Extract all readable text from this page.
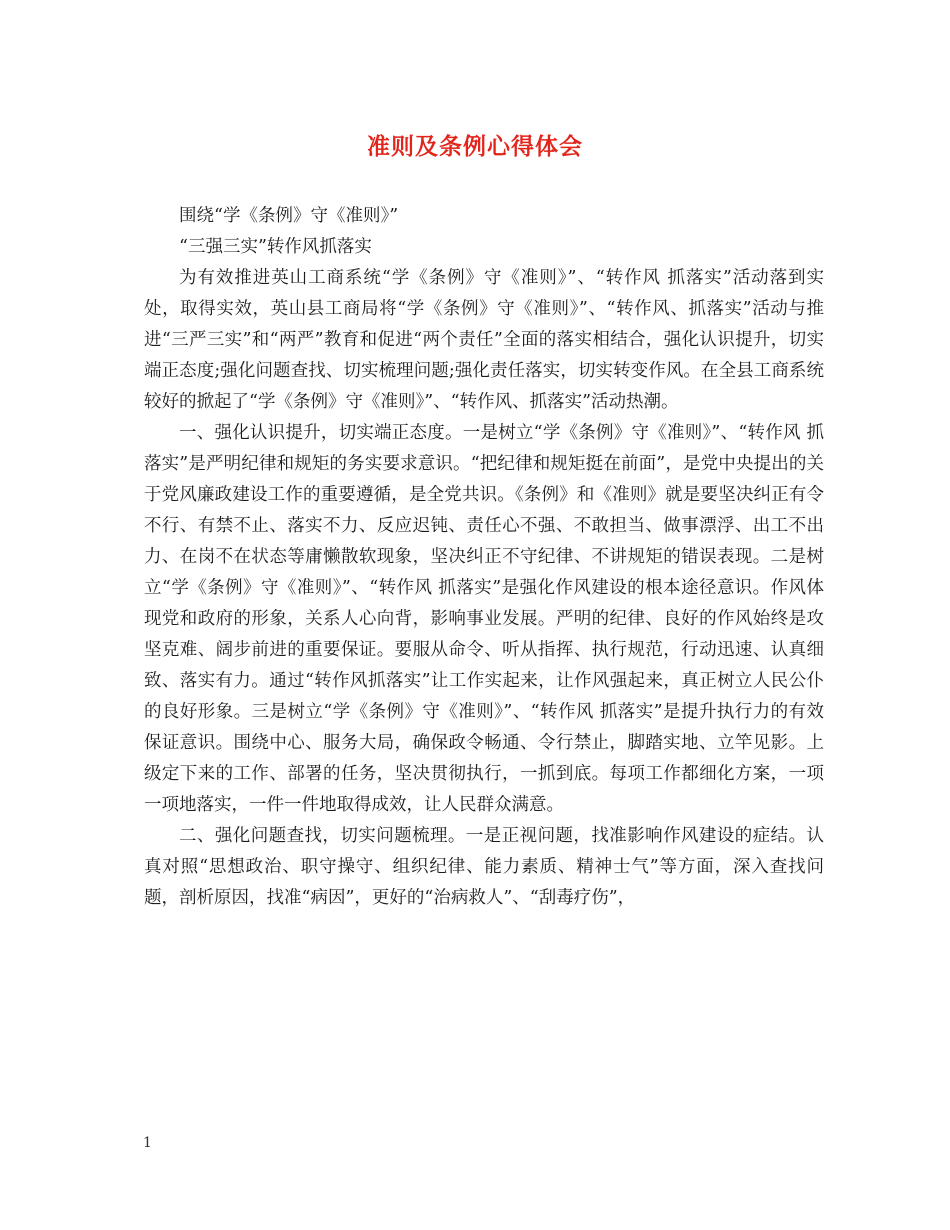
准则及条例心得体会

围绕“学《条例》守《准则》”

“三强三实”转作风抓落实

为有效推进英山工商系统“学《条例》守《准则》”、“转作风 抓落实”活动落到实处，取得实效，英山县工商局将“学《条例》守《准则》”、“转作风、抓落实”活动与推进“三严三实”和“两严”教育和促进“两个责任”全面的落实相结合，强化认识提升，切实端正态度;强化问题查找、切实梳理问题;强化责任落实，切实转变作风。在全县工商系统较好的掀起了“学《条例》守《准则》”、“转作风、抓落实”活动热潮。

一、强化认识提升，切实端正态度。一是树立“学《条例》守《准则》”、“转作风 抓落实”是严明纪律和规矩的务实要求意识。“把纪律和规矩挺在前面”，是党中央提出的关于党风廉政建设工作的重要遵循，是全党共识。《条例》和《准则》就是要坚决纠正有令不行、有禁不止、落实不力、反应迟钝、责任心不强、不敢担当、做事漂浮、出工不出力、在岗不在状态等庸懒散软现象，坚决纠正不守纪律、不讲规矩的错误表现。二是树立“学《条例》守《准则》”、“转作风 抓落实”是强化作风建设的根本途径意识。作风体现党和政府的形象，关系人心向背，影响事业发展。严明的纪律、良好的作风始终是攻坚克难、阔步前进的重要保证。要服从命令、听从指挥、执行规范，行动迅速、认真细致、落实有力。通过“转作风抓落实”让工作实起来，让作风强起来，真正树立人民公仆的良好形象。三是树立“学《条例》守《准则》”、“转作风 抓落实”是提升执行力的有效保证意识。围绕中心、服务大局，确保政令畅通、令行禁止，脚踏实地、立竿见影。上级定下来的工作、部署的任务，坚决贯彻执行，一抓到底。每项工作都细化方案，一项一项地落实，一件一件地取得成效，让人民群众满意。

二、强化问题查找，切实问题梳理。一是正视问题，找准影响作风建设的症结。认真对照“思想政治、职守操守、组织纪律、能力素质、精神士气”等方面，深入查找问题，剖析原因，找准“病因”，更好的“治病救人”、“刮毒疗伤”，

1
